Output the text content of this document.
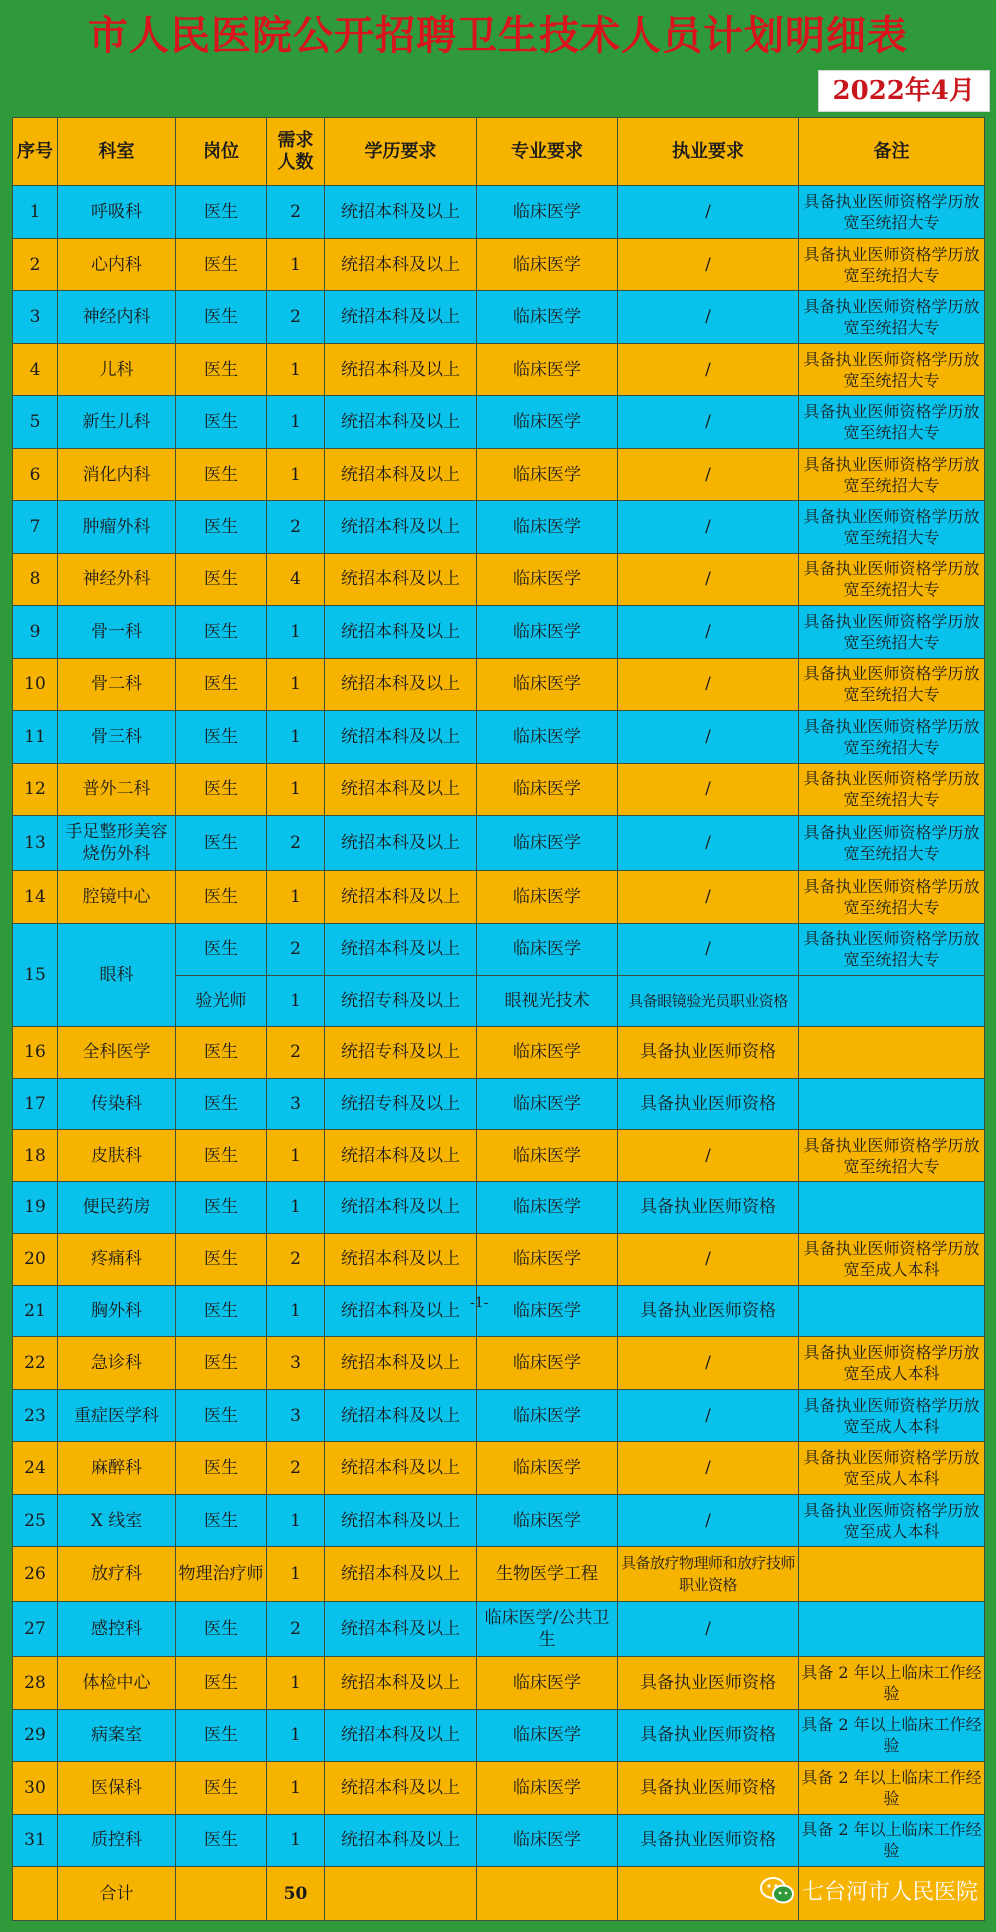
市人民医院公开招聘卫生技术人员计划明细表
2022年4月
序号	科室	岗位	需求人数	学历要求	专业要求	执业要求	备注
1	呼吸科	医生	2	统招本科及以上	临床医学	/	具备执业医师资格学历放宽至统招大专
2	心内科	医生	1	统招本科及以上	临床医学	/	具备执业医师资格学历放宽至统招大专
3	神经内科	医生	2	统招本科及以上	临床医学	/	具备执业医师资格学历放宽至统招大专
4	儿科	医生	1	统招本科及以上	临床医学	/	具备执业医师资格学历放宽至统招大专
5	新生儿科	医生	1	统招本科及以上	临床医学	/	具备执业医师资格学历放宽至统招大专
6	消化内科	医生	1	统招本科及以上	临床医学	/	具备执业医师资格学历放宽至统招大专
7	肿瘤外科	医生	2	统招本科及以上	临床医学	/	具备执业医师资格学历放宽至统招大专
8	神经外科	医生	4	统招本科及以上	临床医学	/	具备执业医师资格学历放宽至统招大专
9	骨一科	医生	1	统招本科及以上	临床医学	/	具备执业医师资格学历放宽至统招大专
10	骨二科	医生	1	统招本科及以上	临床医学	/	具备执业医师资格学历放宽至统招大专
11	骨三科	医生	1	统招本科及以上	临床医学	/	具备执业医师资格学历放宽至统招大专
12	普外二科	医生	1	统招本科及以上	临床医学	/	具备执业医师资格学历放宽至统招大专
13	手足整形美容烧伤外科	医生	2	统招本科及以上	临床医学	/	具备执业医师资格学历放宽至统招大专
14	腔镜中心	医生	1	统招本科及以上	临床医学	/	具备执业医师资格学历放宽至统招大专
15	眼科	医生	2	统招本科及以上	临床医学	/	具备执业医师资格学历放宽至统招大专
		验光师	1	统招专科及以上	眼视光技术	具备眼镜验光员职业资格	
16	全科医学	医生	2	统招专科及以上	临床医学	具备执业医师资格	
17	传染科	医生	3	统招专科及以上	临床医学	具备执业医师资格	
18	皮肤科	医生	1	统招本科及以上	临床医学	/	具备执业医师资格学历放宽至统招大专
19	便民药房	医生	1	统招本科及以上	临床医学	具备执业医师资格	
20	疼痛科	医生	2	统招本科及以上	临床医学	/	具备执业医师资格学历放宽至成人本科
21	胸外科	医生	1	统招本科及以上	临床医学	具备执业医师资格	
22	急诊科	医生	3	统招本科及以上	临床医学	/	具备执业医师资格学历放宽至成人本科
23	重症医学科	医生	3	统招本科及以上	临床医学	/	具备执业医师资格学历放宽至成人本科
24	麻醉科	医生	2	统招本科及以上	临床医学	/	具备执业医师资格学历放宽至成人本科
25	X 线室	医生	1	统招本科及以上	临床医学	/	具备执业医师资格学历放宽至成人本科
26	放疗科	物理治疗师	1	统招本科及以上	生物医学工程	具备放疗物理师和放疗技师职业资格	
27	感控科	医生	2	统招本科及以上	临床医学/公共卫生	/	
28	体检中心	医生	1	统招本科及以上	临床医学	具备执业医师资格	具备 2 年以上临床工作经验
29	病案室	医生	1	统招本科及以上	临床医学	具备执业医师资格	具备 2 年以上临床工作经验
30	医保科	医生	1	统招本科及以上	临床医学	具备执业医师资格	具备 2 年以上临床工作经验
31	质控科	医生	1	统招本科及以上	临床医学	具备执业医师资格	具备 2 年以上临床工作经验
	合计		50				
-1-
七台河市人民医院
